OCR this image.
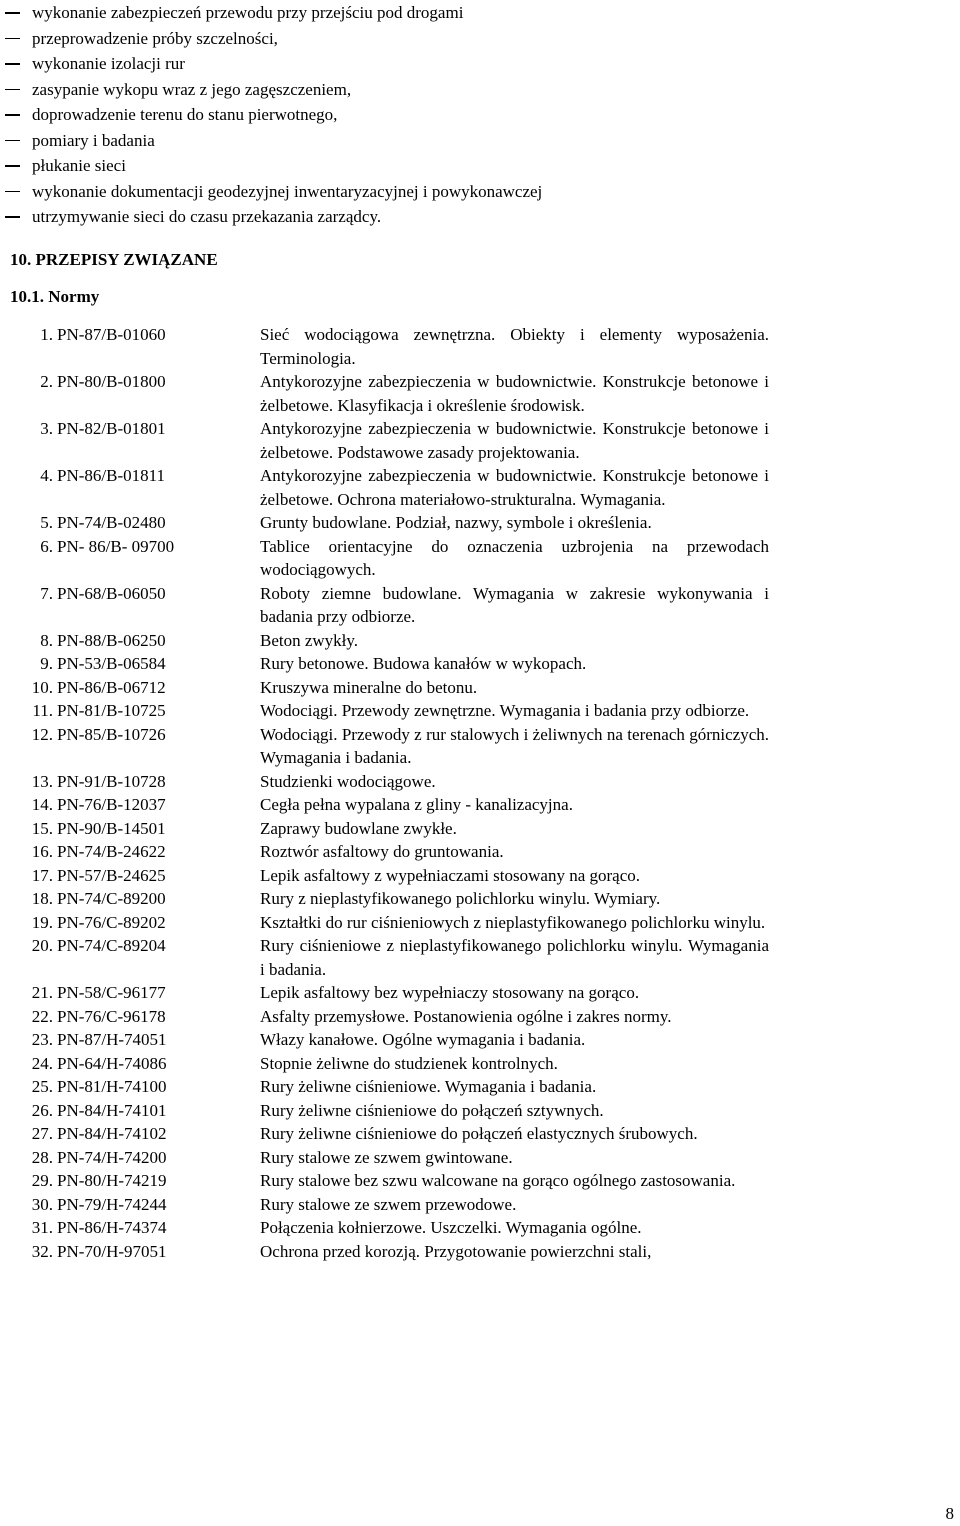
wykonanie zabezpieczeń przewodu przy przejściu pod drogami
przeprowadzenie próby szczelności,
wykonanie izolacji rur
zasypanie wykopu wraz z jego zagęszczeniem,
doprowadzenie terenu do stanu pierwotnego,
pomiary i badania
płukanie sieci
wykonanie dokumentacji geodezyjnej inwentaryzacyjnej i powykonawczej
utrzymywanie sieci do czasu przekazania zarządcy.
10. PRZEPISY ZWIĄZANE
10.1. Normy
1. PN-87/B-01060	Sieć wodociągowa zewnętrzna. Obiekty i elementy wyposażenia. Terminologia.
2. PN-80/B-01800	Antykorozyjne zabezpieczenia w budownictwie. Konstrukcje betonowe i żelbetowe. Klasyfikacja i określenie środowisk.
3. PN-82/B-01801	Antykorozyjne zabezpieczenia w budownictwie. Konstrukcje betonowe i żelbetowe. Podstawowe zasady projektowania.
4. PN-86/B-01811	Antykorozyjne zabezpieczenia w budownictwie. Konstrukcje betonowe i żelbetowe. Ochrona materiałowo-strukturalna. Wymagania.
5. PN-74/B-02480	Grunty budowlane. Podział, nazwy, symbole i określenia.
6. PN- 86/B- 09700	Tablice orientacyjne do oznaczenia uzbrojenia na przewodach wodociągowych.
7. PN-68/B-06050	Roboty ziemne budowlane. Wymagania w zakresie wykonywania i badania przy odbiorze.
8. PN-88/B-06250	Beton zwykły.
9. PN-53/B-06584	Rury betonowe. Budowa kanałów w wykopach.
10. PN-86/B-06712	Kruszywa mineralne do betonu.
11. PN-81/B-10725	Wodociągi. Przewody zewnętrzne. Wymagania i badania przy odbiorze.
12. PN-85/B-10726	Wodociągi. Przewody z rur stalowych i żeliwnych na terenach górniczych. Wymagania i badania.
13. PN-91/B-10728	Studzienki wodociągowe.
14. PN-76/B-12037	Cegła pełna wypalana z gliny - kanalizacyjna.
15. PN-90/B-14501	Zaprawy budowlane zwykłe.
16. PN-74/B-24622	Roztwór asfaltowy do gruntowania.
17. PN-57/B-24625	Lepik asfaltowy z wypełniaczami stosowany na gorąco.
18. PN-74/C-89200	Rury z nieplastyfikowanego polichlorku winylu. Wymiary.
19. PN-76/C-89202	Kształtki do rur ciśnieniowych z nieplastyfikowanego polichlorku winylu.
20. PN-74/C-89204	Rury ciśnieniowe z nieplastyfikowanego polichlorku winylu. Wymagania i badania.
21. PN-58/C-96177	Lepik asfaltowy bez wypełniaczy stosowany na gorąco.
22. PN-76/C-96178	Asfalty przemysłowe. Postanowienia ogólne i zakres normy.
23. PN-87/H-74051	Włazy kanałowe. Ogólne wymagania i badania.
24. PN-64/H-74086	Stopnie żeliwne do studzienek kontrolnych.
25. PN-81/H-74100	Rury żeliwne ciśnieniowe. Wymagania i badania.
26. PN-84/H-74101	Rury żeliwne ciśnieniowe do połączeń sztywnych.
27. PN-84/H-74102	Rury żeliwne ciśnieniowe do połączeń elastycznych śrubowych.
28. PN-74/H-74200	Rury stalowe ze szwem gwintowane.
29. PN-80/H-74219	Rury stalowe bez szwu walcowane na gorąco ogólnego zastosowania.
30. PN-79/H-74244	Rury stalowe ze szwem przewodowe.
31. PN-86/H-74374	Połączenia kołnierzowe. Uszczelki. Wymagania ogólne.
32. PN-70/H-97051	Ochrona przed korozją. Przygotowanie powierzchni stali,
8
